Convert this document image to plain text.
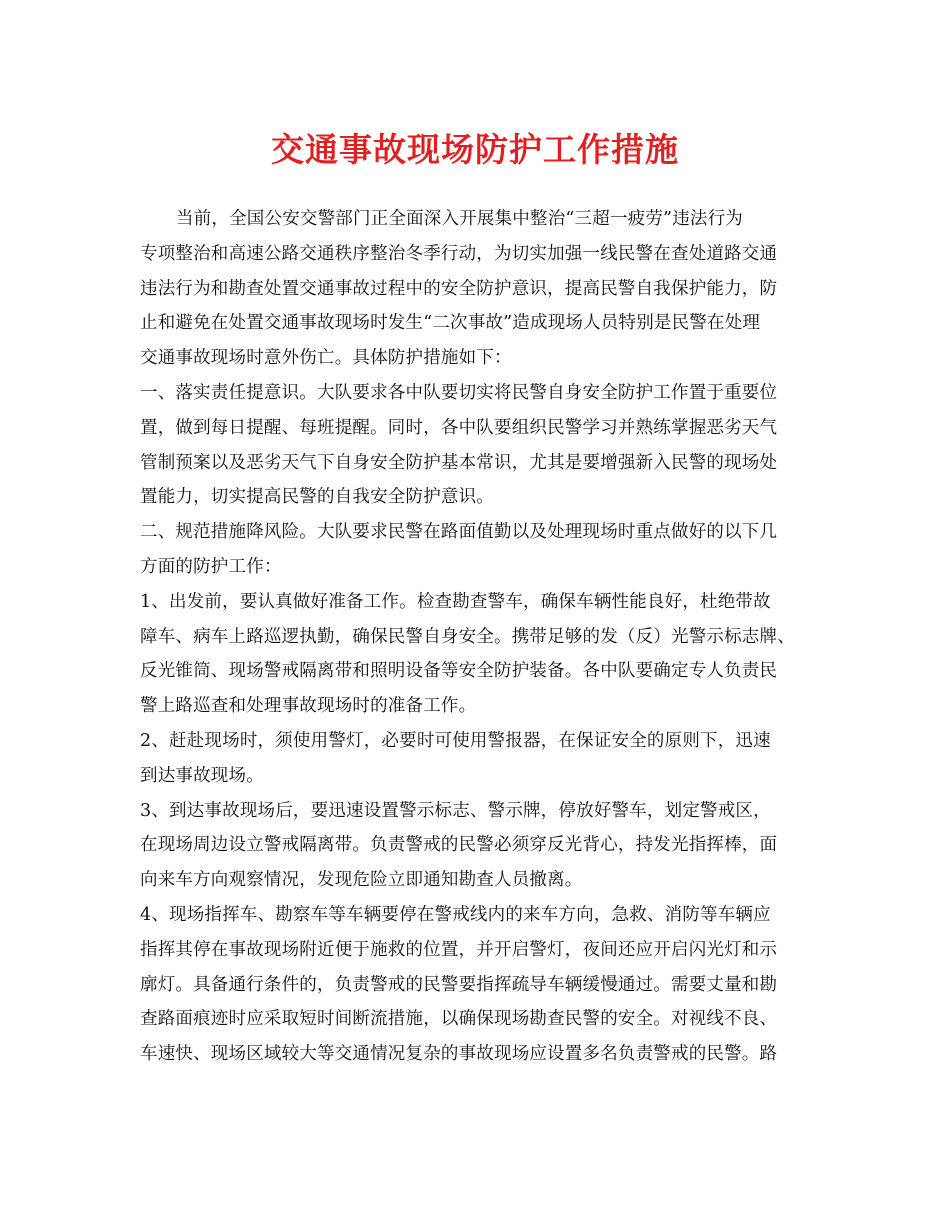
交通事故现场防护工作措施
当前，全国公安交警部门正全面深入开展集中整治“三超一疲劳”违法行为
专项整治和高速公路交通秩序整治冬季行动，为切实加强一线民警在查处道路交通
违法行为和勘查处置交通事故过程中的安全防护意识，提高民警自我保护能力，防
止和避免在处置交通事故现场时发生“二次事故”造成现场人员特别是民警在处理
交通事故现场时意外伤亡。具体防护措施如下：
一、落实责任提意识。大队要求各中队要切实将民警自身安全防护工作置于重要位
置，做到每日提醒、每班提醒。同时，各中队要组织民警学习并熟练掌握恶劣天气
管制预案以及恶劣天气下自身安全防护基本常识，尤其是要增强新入民警的现场处
置能力，切实提高民警的自我安全防护意识。
二、规范措施降风险。大队要求民警在路面值勤以及处理现场时重点做好的以下几
方面的防护工作：
1、出发前，要认真做好准备工作。检查勘查警车，确保车辆性能良好，杜绝带故
障车、病车上路巡逻执勤，确保民警自身安全。携带足够的发（反）光警示标志牌、
反光锥筒、现场警戒隔离带和照明设备等安全防护装备。各中队要确定专人负责民
警上路巡查和处理事故现场时的准备工作。
2、赶赴现场时，须使用警灯，必要时可使用警报器，在保证安全的原则下，迅速
到达事故现场。
3、到达事故现场后，要迅速设置警示标志、警示牌，停放好警车，划定警戒区，
在现场周边设立警戒隔离带。负责警戒的民警必须穿反光背心，持发光指挥棒，面
向来车方向观察情况，发现危险立即通知勘查人员撤离。
4、现场指挥车、勘察车等车辆要停在警戒线内的来车方向，急救、消防等车辆应
指挥其停在事故现场附近便于施救的位置，并开启警灯，夜间还应开启闪光灯和示
廓灯。具备通行条件的，负责警戒的民警要指挥疏导车辆缓慢通过。需要丈量和勘
查路面痕迹时应采取短时间断流措施，以确保现场勘查民警的安全。对视线不良、
车速快、现场区域较大等交通情况复杂的事故现场应设置多名负责警戒的民警。路
